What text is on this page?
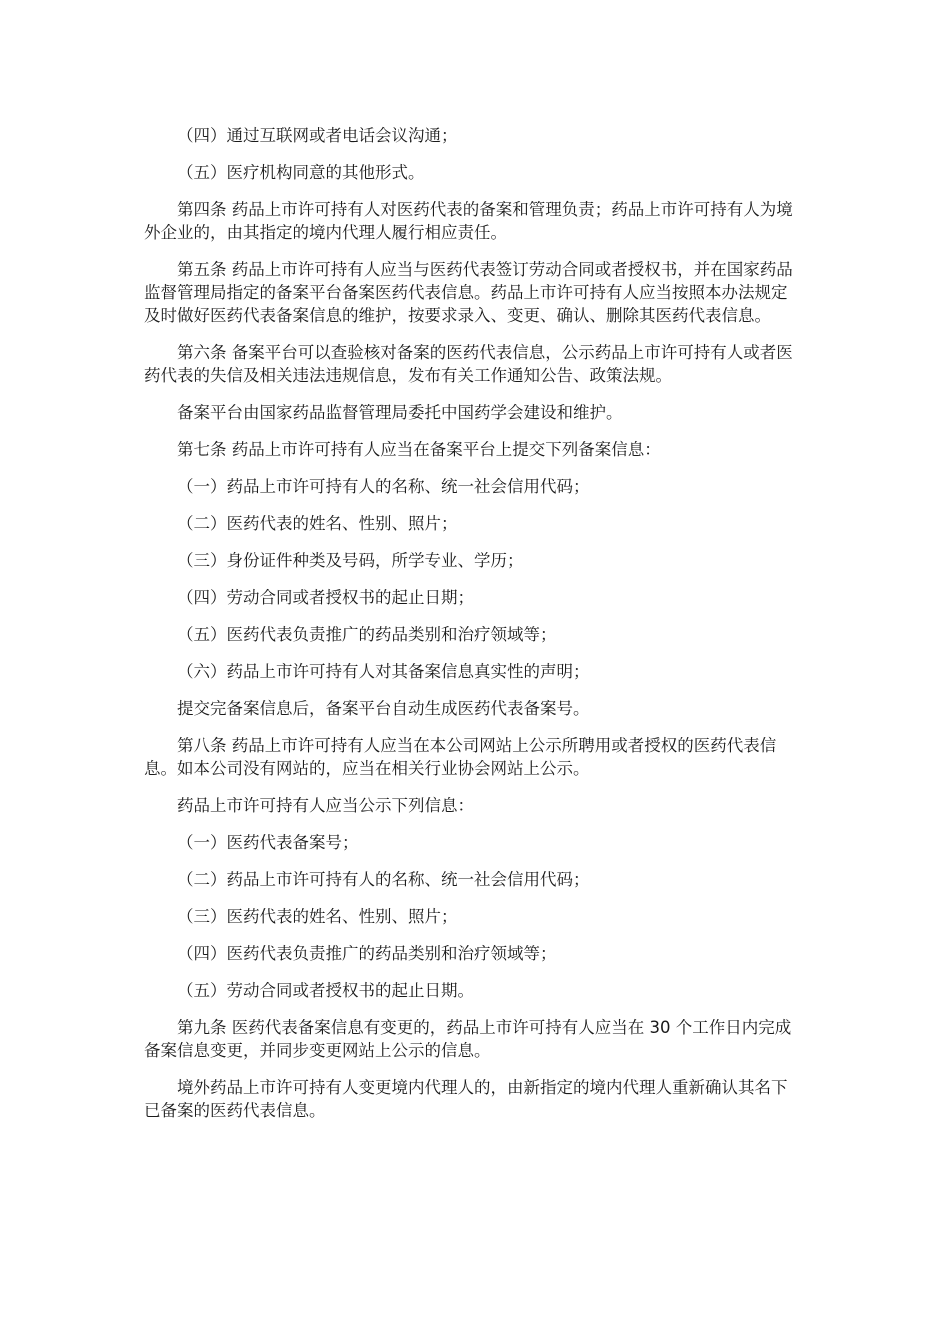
（四）通过互联网或者电话会议沟通；

（五）医疗机构同意的其他形式。

第四条 药品上市许可持有人对医药代表的备案和管理负责；药品上市许可持有人为境外企业的，由其指定的境内代理人履行相应责任。

第五条 药品上市许可持有人应当与医药代表签订劳动合同或者授权书，并在国家药品监督管理局指定的备案平台备案医药代表信息。药品上市许可持有人应当按照本办法规定及时做好医药代表备案信息的维护，按要求录入、变更、确认、删除其医药代表信息。

第六条 备案平台可以查验核对备案的医药代表信息，公示药品上市许可持有人或者医药代表的失信及相关违法违规信息，发布有关工作通知公告、政策法规。

备案平台由国家药品监督管理局委托中国药学会建设和维护。

第七条 药品上市许可持有人应当在备案平台上提交下列备案信息：

（一）药品上市许可持有人的名称、统一社会信用代码；

（二）医药代表的姓名、性别、照片；

（三）身份证件种类及号码，所学专业、学历；

（四）劳动合同或者授权书的起止日期；

（五）医药代表负责推广的药品类别和治疗领域等；

（六）药品上市许可持有人对其备案信息真实性的声明；

提交完备案信息后，备案平台自动生成医药代表备案号。

第八条 药品上市许可持有人应当在本公司网站上公示所聘用或者授权的医药代表信息。如本公司没有网站的，应当在相关行业协会网站上公示。

药品上市许可持有人应当公示下列信息：

（一）医药代表备案号；

（二）药品上市许可持有人的名称、统一社会信用代码；

（三）医药代表的姓名、性别、照片；

（四）医药代表负责推广的药品类别和治疗领域等；

（五）劳动合同或者授权书的起止日期。

第九条 医药代表备案信息有变更的，药品上市许可持有人应当在 30 个工作日内完成备案信息变更，并同步变更网站上公示的信息。

境外药品上市许可持有人变更境内代理人的，由新指定的境内代理人重新确认其名下已备案的医药代表信息。
